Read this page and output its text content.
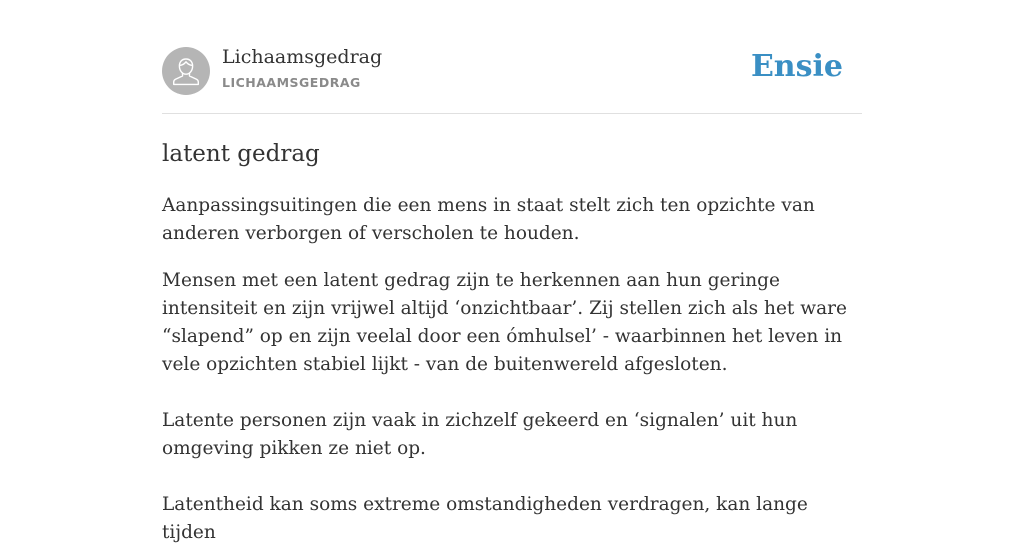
Lichaamsgedrag
LICHAAMSGEDRAG	Ensie
latent gedrag

Aanpassingsuitingen die een mens in staat stelt zich ten opzichte van anderen verborgen of verscholen te houden.

Mensen met een latent gedrag zijn te herkennen aan hun geringe intensiteit en zijn vrijwel altijd ‘onzichtbaar’. Zij stellen zich als het ware “slapend” op en zijn veelal door een ómhulsel’ - waarbinnen het leven in vele opzichten stabiel lijkt - van de buitenwereld afgesloten.

Latente personen zijn vaak in zichzelf gekeerd en ‘signalen’ uit hun omgeving pikken ze niet op.

Latentheid kan soms extreme omstandigheden verdragen, kan lange tijden
